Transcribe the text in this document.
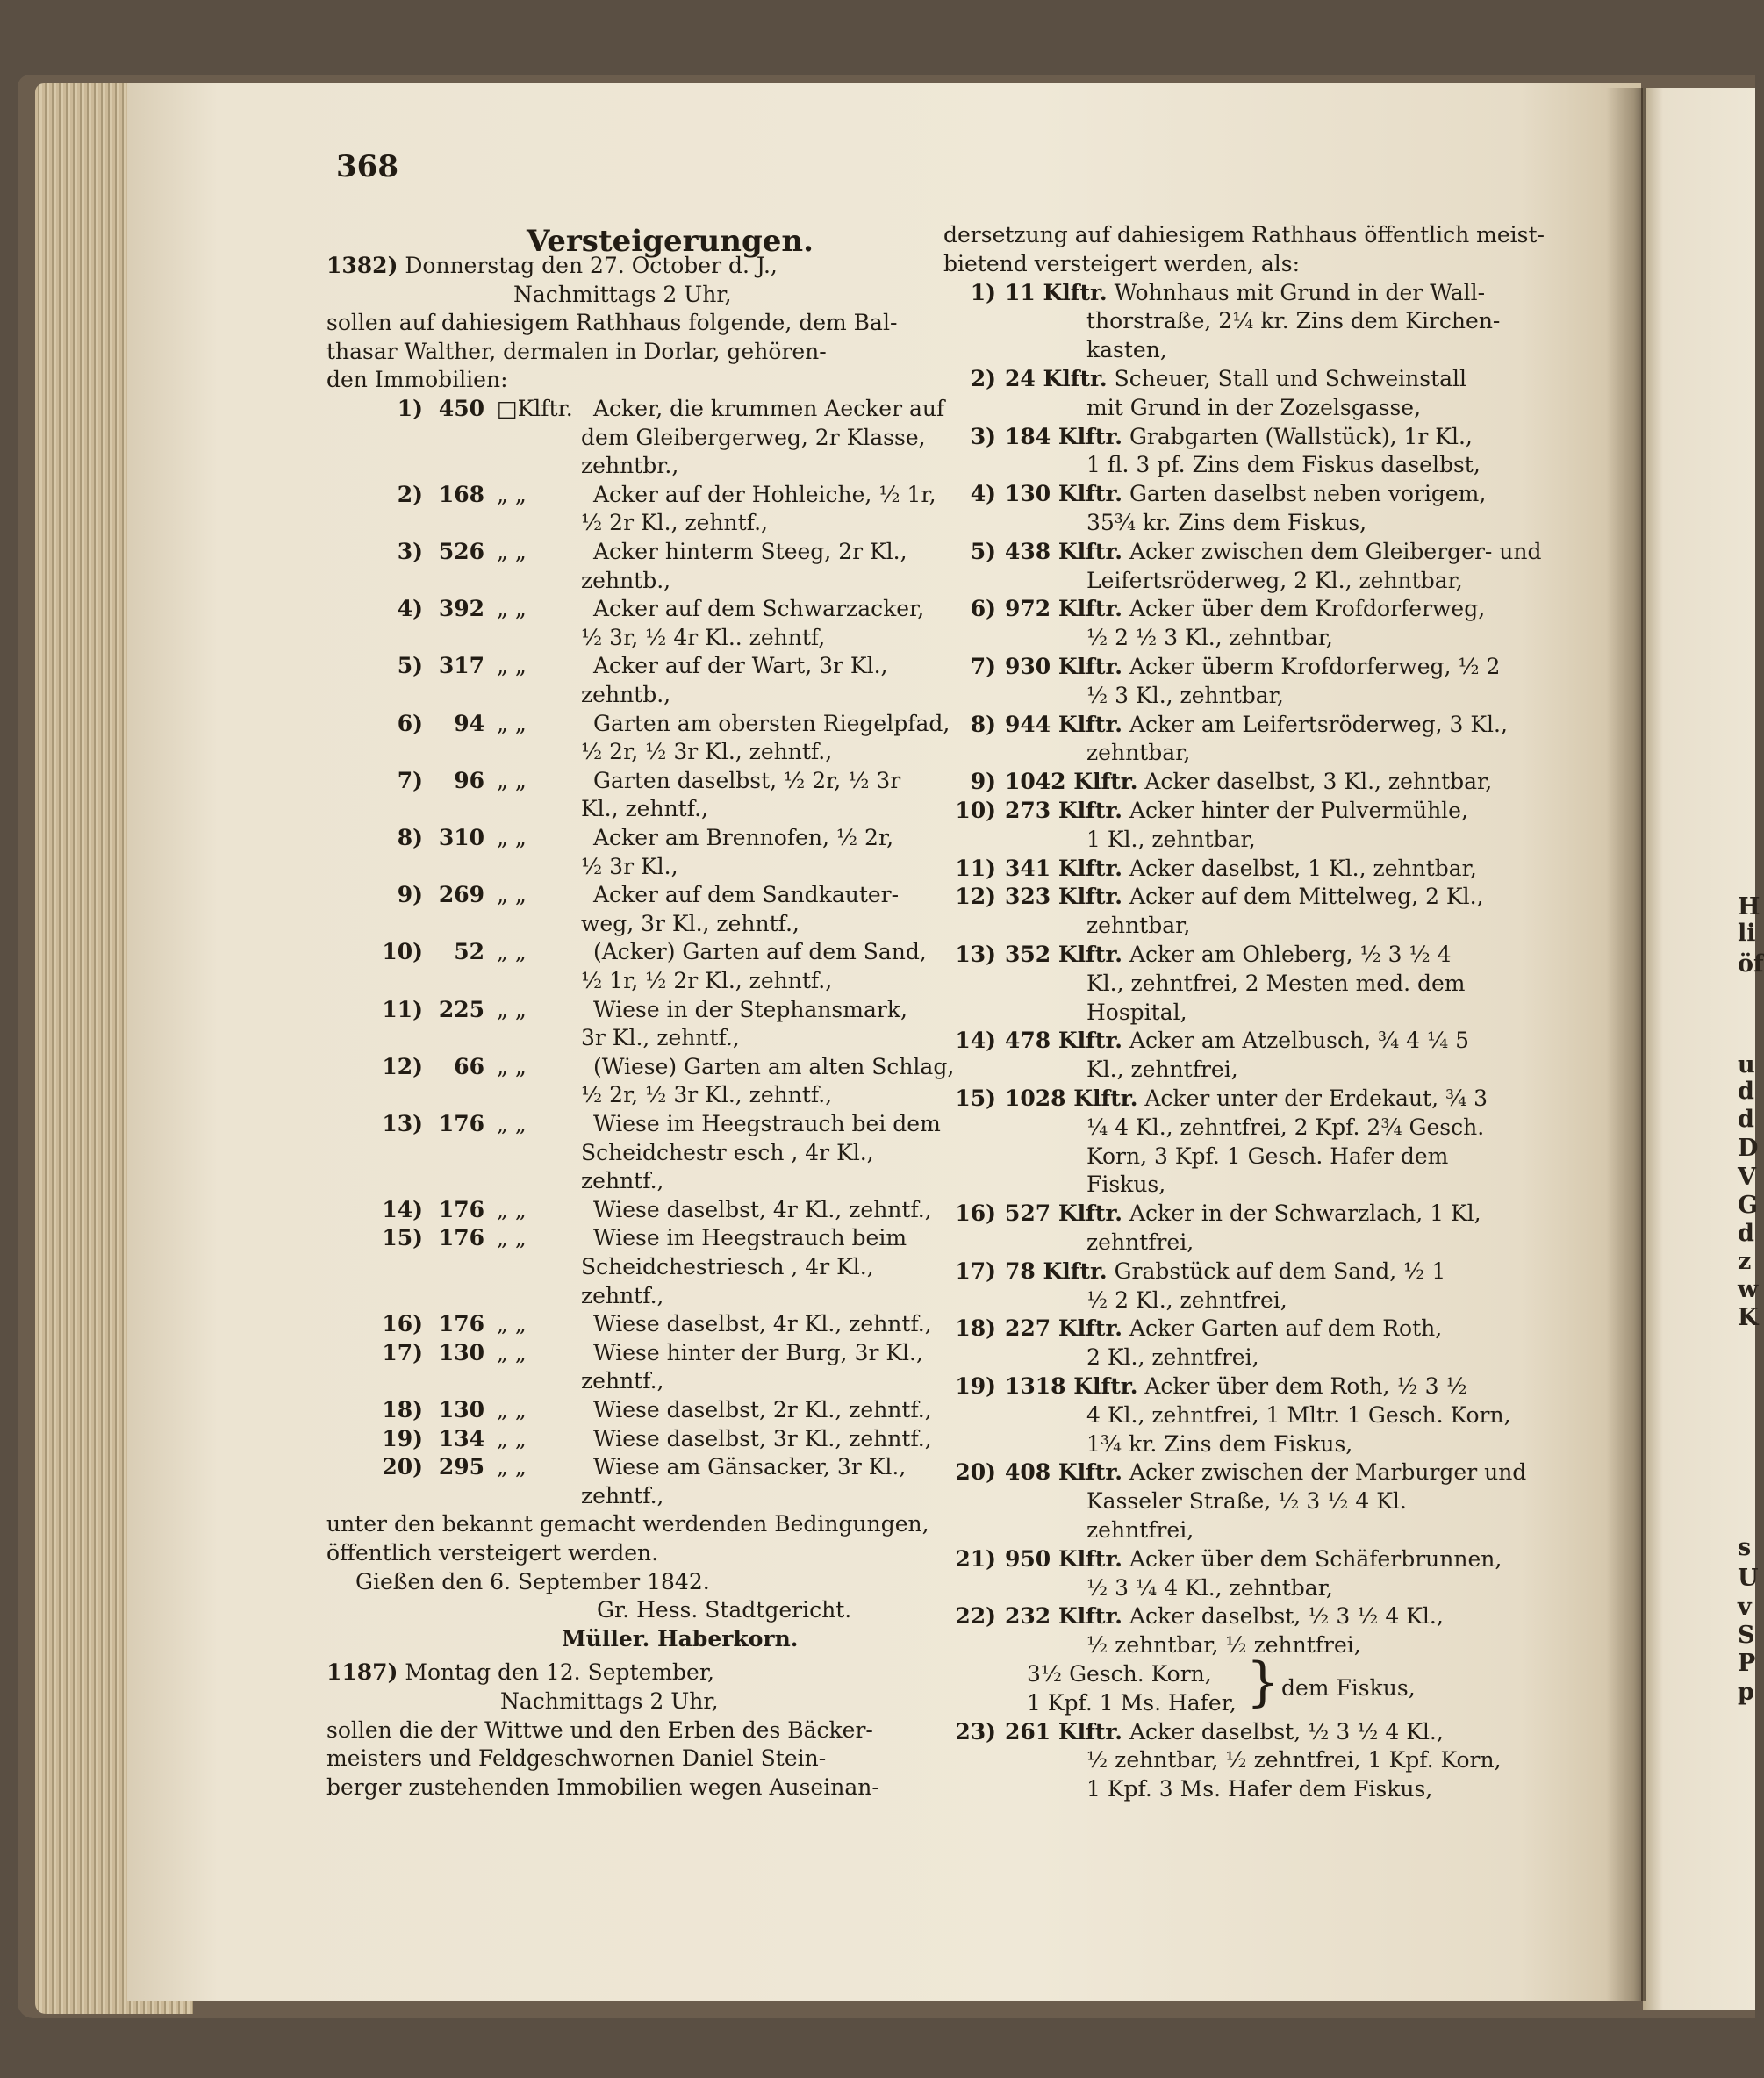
H
li
öf
u
d
d
D
V
G
d
z
w
K
s
U
v
S
P
p
368
Versteigerungen.
1382) Donnerstag den 27. October d. J.,
Nachmittags 2 Uhr,
sollen auf dahiesigem Rathhaus folgende, dem Bal-
thasar Walther, dermalen in Dorlar, gehören-
den Immobilien:
1) 450 □Klftr. Acker, die krummen Aecker auf
dem Gleibergerweg, 2r Klasse,
zehntbr.,
2) 168 „ „	Acker auf der Hohleiche, ½ 1r,
½ 2r Kl., zehntf.,
3) 526 „ „	Acker hinterm Steeg, 2r Kl.,
zehntb.,
4) 392 „ „	Acker auf dem Schwarzacker,
½ 3r, ½ 4r Kl.. zehntf,
5) 317 „ „	Acker auf der Wart, 3r Kl.,
zehntb.,
6) 94 „ „	Garten am obersten Riegelpfad,
½ 2r, ½ 3r Kl., zehntf.,
7) 96 „ „	Garten daselbst, ½ 2r, ½ 3r
Kl., zehntf.,
8) 310 „ „	Acker am Brennofen, ½ 2r,
½ 3r Kl.,
9) 269 „ „	Acker auf dem Sandkauter-
weg, 3r Kl., zehntf.,
10) 52 „ „	(Acker) Garten auf dem Sand,
½ 1r, ½ 2r Kl., zehntf.,
11) 225 „ „	Wiese in der Stephansmark,
3r Kl., zehntf.,
12) 66 „ „	(Wiese) Garten am alten Schlag,
½ 2r, ½ 3r Kl., zehntf.,
13) 176 „ „	Wiese im Heegstrauch bei dem
Scheidchestr esch , 4r Kl.,
zehntf.,
14) 176 „ „	Wiese daselbst, 4r Kl., zehntf.,
15) 176 „ „	Wiese im Heegstrauch beim
Scheidchestriesch , 4r Kl.,
zehntf.,
16) 176 „ „	Wiese daselbst, 4r Kl., zehntf.,
17) 130 „ „	Wiese hinter der Burg, 3r Kl.,
zehntf.,
18) 130 „ „	Wiese daselbst, 2r Kl., zehntf.,
19) 134 „ „	Wiese daselbst, 3r Kl., zehntf.,
20) 295 „ „	Wiese am Gänsacker, 3r Kl.,
zehntf.,
unter den bekannt gemacht werdenden Bedingungen,
öffentlich versteigert werden.
Gießen den 6. September 1842.
Gr. Hess. Stadtgericht.
Müller. Haberkorn.
1187) Montag den 12. September,
Nachmittags 2 Uhr,
sollen die der Wittwe und den Erben des Bäcker-
meisters und Feldgeschwornen Daniel Stein-
berger zustehenden Immobilien wegen Auseinan-
dersetzung auf dahiesigem Rathhaus öffentlich meist-
bietend versteigert werden, als:
1) 11 Klftr. Wohnhaus mit Grund in der Wall-
thorstraße, 2¼ kr. Zins dem Kirchen-
kasten,
2) 24 Klftr. Scheuer, Stall und Schweinstall
mit Grund in der Zozelsgasse,
3) 184 Klftr. Grabgarten (Wallstück), 1r Kl.,
1 fl. 3 pf. Zins dem Fiskus daselbst,
4) 130 Klftr. Garten daselbst neben vorigem,
35¾ kr. Zins dem Fiskus,
5) 438 Klftr. Acker zwischen dem Gleiberger- und
Leifertsröderweg, 2 Kl., zehntbar,
6) 972 Klftr. Acker über dem Krofdorferweg,
½ 2 ½ 3 Kl., zehntbar,
7) 930 Klftr. Acker überm Krofdorferweg, ½ 2
½ 3 Kl., zehntbar,
8) 944 Klftr. Acker am Leifertsröderweg, 3 Kl.,
zehntbar,
9) 1042 Klftr. Acker daselbst, 3 Kl., zehntbar,
10) 273 Klftr. Acker hinter der Pulvermühle,
1 Kl., zehntbar,
11) 341 Klftr. Acker daselbst, 1 Kl., zehntbar,
12) 323 Klftr. Acker auf dem Mittelweg, 2 Kl.,
zehntbar,
13) 352 Klftr. Acker am Ohleberg, ½ 3 ½ 4
Kl., zehntfrei, 2 Mesten med. dem
Hospital,
14) 478 Klftr. Acker am Atzelbusch, ¾ 4 ¼ 5
Kl., zehntfrei,
15) 1028 Klftr. Acker unter der Erdekaut, ¾ 3
¼ 4 Kl., zehntfrei, 2 Kpf. 2¾ Gesch.
Korn, 3 Kpf. 1 Gesch. Hafer dem
Fiskus,
16) 527 Klftr. Acker in der Schwarzlach, 1 Kl,
zehntfrei,
17) 78 Klftr. Grabstück auf dem Sand, ½ 1
½ 2 Kl., zehntfrei,
18) 227 Klftr. Acker Garten auf dem Roth,
2 Kl., zehntfrei,
19) 1318 Klftr. Acker über dem Roth, ½ 3 ½
4 Kl., zehntfrei, 1 Mltr. 1 Gesch. Korn,
1¾ kr. Zins dem Fiskus,
20) 408 Klftr. Acker zwischen der Marburger und
Kasseler Straße, ½ 3 ½ 4 Kl.
zehntfrei,
21) 950 Klftr. Acker über dem Schäferbrunnen,
½ 3 ¼ 4 Kl., zehntbar,
22) 232 Klftr. Acker daselbst, ½ 3 ½ 4 Kl.,
½ zehntbar, ½ zehntfrei,
3½ Gesch. Korn,
1 Kpf. 1 Ms. Hafer, } dem Fiskus,
23) 261 Klftr. Acker daselbst, ½ 3 ½ 4 Kl.,
½ zehntbar, ½ zehntfrei, 1 Kpf. Korn,
1 Kpf. 3 Ms. Hafer dem Fiskus,
